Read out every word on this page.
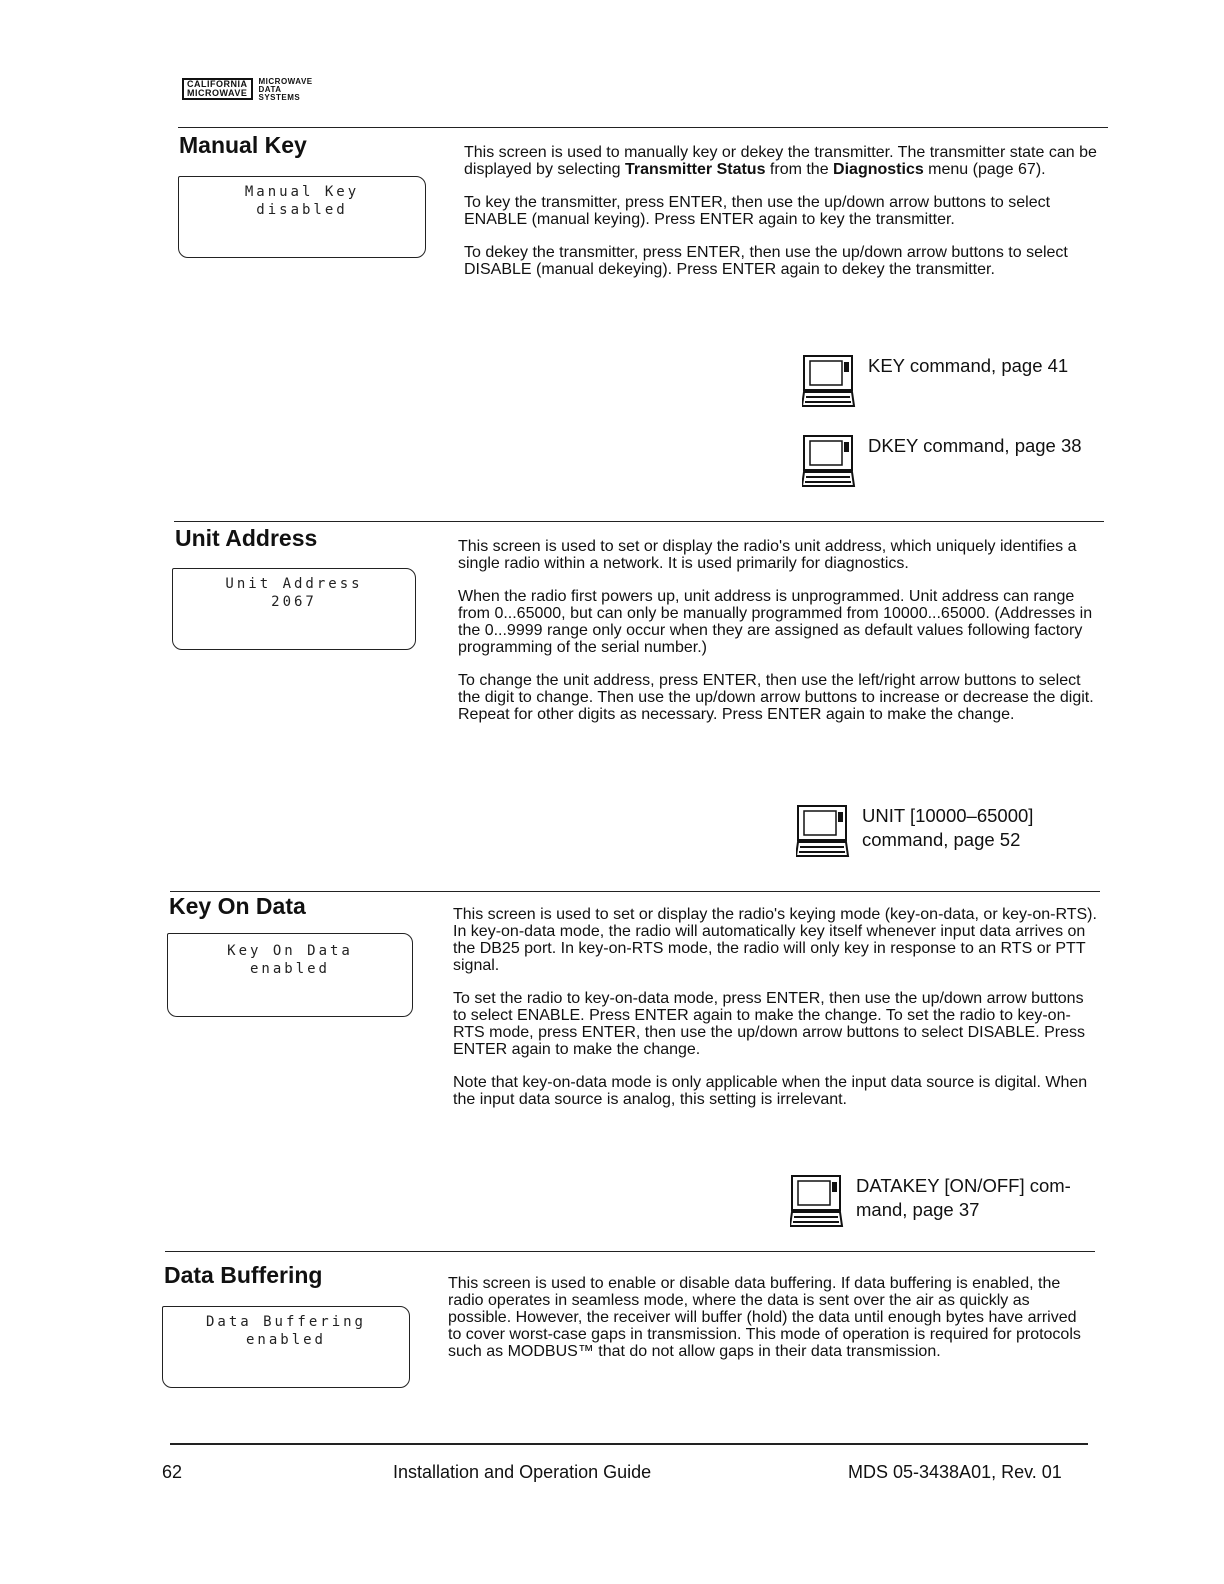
CALIFORNIA
MICROWAVE
MICROWAVE
DATA
SYSTEMS
Manual Key
Manual Key
disabled

This screen is used to manually key or dekey the transmitter. The transmitter state can be displayed by selecting Transmitter Status from the Diagnostics menu (page 67).

To key the transmitter, press ENTER, then use the up/down arrow buttons to select ENABLE (manual keying). Press ENTER again to key the transmitter.

To dekey the transmitter, press ENTER, then use the up/down arrow buttons to select DISABLE (manual dekeying). Press ENTER again to dekey the transmitter.

KEY command, page 41
DKEY command, page 38
Unit Address
Unit Address
2067

This screen is used to set or display the radio's unit address, which uniquely identifies a single radio within a network. It is used primarily for diagnostics.

When the radio first powers up, unit address is unprogrammed. Unit address can range from 0...65000, but can only be manually programmed from 10000...65000. (Addresses in the 0...9999 range only occur when they are assigned as default values following factory programming of the serial number.)

To change the unit address, press ENTER, then use the left/right arrow buttons to select the digit to change. Then use the up/down arrow buttons to increase or decrease the digit. Repeat for other digits as necessary. Press ENTER again to make the change.

UNIT [10000–65000]
command, page 52
Key On Data
Key On Data
enabled

This screen is used to set or display the radio's keying mode (key-on-data, or key-on-RTS). In key-on-data mode, the radio will automatically key itself whenever input data arrives on the DB25 port. In key-on-RTS mode, the radio will only key in response to an RTS or PTT signal.

To set the radio to key-on-data mode, press ENTER, then use the up/down arrow buttons to select ENABLE. Press ENTER again to make the change. To set the radio to key-on-RTS mode, press ENTER, then use the up/down arrow buttons to select DISABLE. Press ENTER again to make the change.

Note that key-on-data mode is only applicable when the input data source is digital. When the input data source is analog, this setting is irrelevant.

DATAKEY [ON/OFF] com-
mand, page 37
Data Buffering
Data Buffering
enabled

This screen is used to enable or disable data buffering. If data buffering is enabled, the radio operates in seamless mode, where the data is sent over the air as quickly as possible. However, the receiver will buffer (hold) the data until enough bytes have arrived to cover worst-case gaps in transmission. This mode of operation is required for protocols such as MODBUS™ that do not allow gaps in their data transmission.

62	Installation and Operation Guide	MDS 05-3438A01, Rev. 01
